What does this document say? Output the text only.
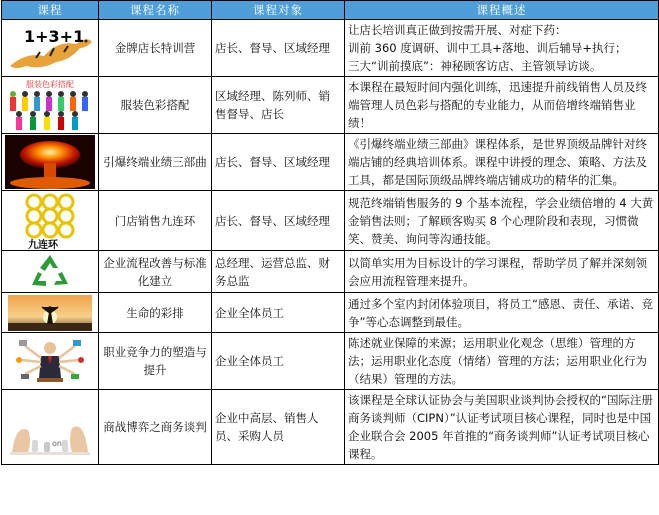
课程	课程名称	课程对象	课程概述

1+3+1	金牌店长特训营	店长、督导、区域经理	让店长培训真正做到按需开展、对症下药：
训前 360 度调研、训中工具+落地、训后辅导+执行；
三大“训前摸底”：神秘顾客访店、主管领导访谈。

服装色彩搭配	服装色彩搭配	区域经理、陈列师、销售督导、店长	本课程在最短时间内强化训练，迅速提升前线销售人员及终端管理人员色彩与搭配的专业能力，从而倍增终端销售业绩！

	引爆终端业绩三部曲	店长、督导、区域经理	《引爆终端业绩三部曲》课程体系，是世界顶级品牌针对终端店铺的经典培训体系。课程中讲授的理念、策略、方法及工具，都是国际顶级品牌终端店铺成功的精华的汇集。

九连环	门店销售九连环	店长、督导、区域经理	规范终端销售服务的 9 个基本流程，学会业绩倍增的 4 大黄金销售法则；了解顾客购买 8 个心理阶段和表现，习惯微笑、赞美、询问等沟通技能。

	企业流程改善与标准化建立	总经理、运营总监、财务总监	以简单实用为目标设计的学习课程，帮助学员了解并深刻领会应用流程管理来提升。

	生命的彩排	企业全体员工	通过多个室内封闭体验项目，将员工“感恩、责任、承诺、竞争”等心态调整到最佳。

	职业竞争力的塑造与提升	企业全体员工	陈述就业保障的来源；运用职业化观念（思维）管理的方法；运用职业化态度（情绪）管理的方法；运用职业化行为（结果）管理的方法。

on	商战博弈之商务谈判	企业中高层、销售人员、采购人员	该课程是全球认证协会与美国职业谈判协会授权的“国际注册商务谈判师（CIPN）”认证考试项目核心课程，同时也是中国企业联合会 2005 年首推的“商务谈判师”认证考试项目核心课程。
